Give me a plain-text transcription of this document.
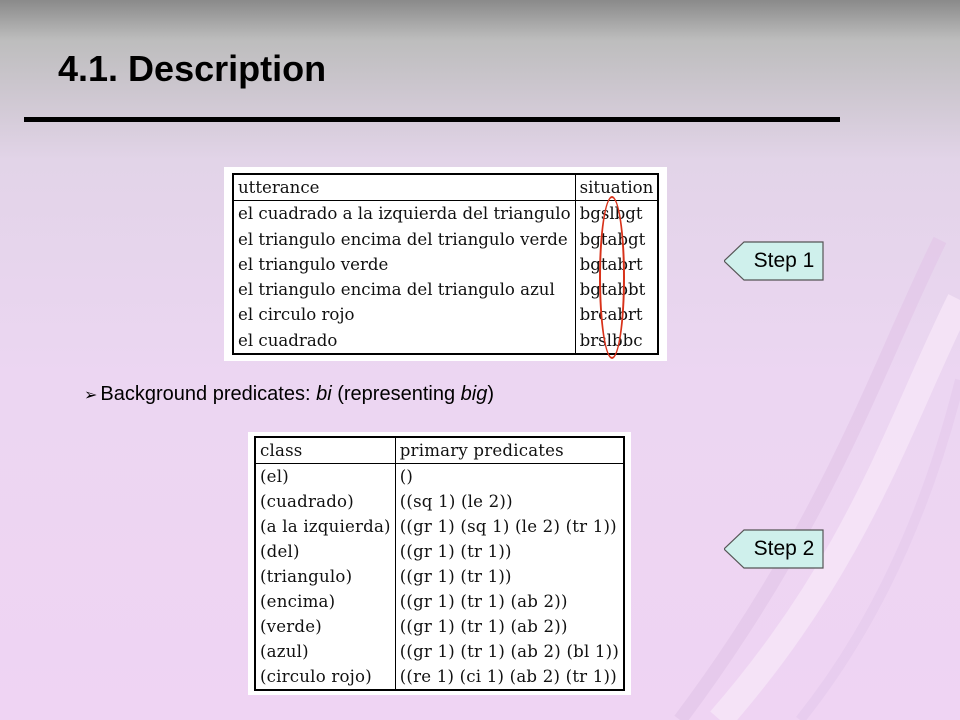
4.1. Description
utterance	situation
el cuadrado a la izquierda del triangulo	bgslbgt
el triangulo encima del triangulo verde	bgtabgt
el triangulo verde	bgtabrt
el triangulo encima del triangulo azul	bgtabbt
el circulo rojo	brcabrt
el cuadrado	brslbbc
Step 1
➢ Background predicates: bi (representing big)
class	primary predicates
(el)	()
(cuadrado)	((sq 1) (le 2))
(a la izquierda)	((gr 1) (sq 1) (le 2) (tr 1))
(del)	((gr 1) (tr 1))
(triangulo)	((gr 1) (tr 1))
(encima)	((gr 1) (tr 1) (ab 2))
(verde)	((gr 1) (tr 1) (ab 2))
(azul)	((gr 1) (tr 1) (ab 2) (bl 1))
(circulo rojo)	((re 1) (ci 1) (ab 2) (tr 1))
Step 2
